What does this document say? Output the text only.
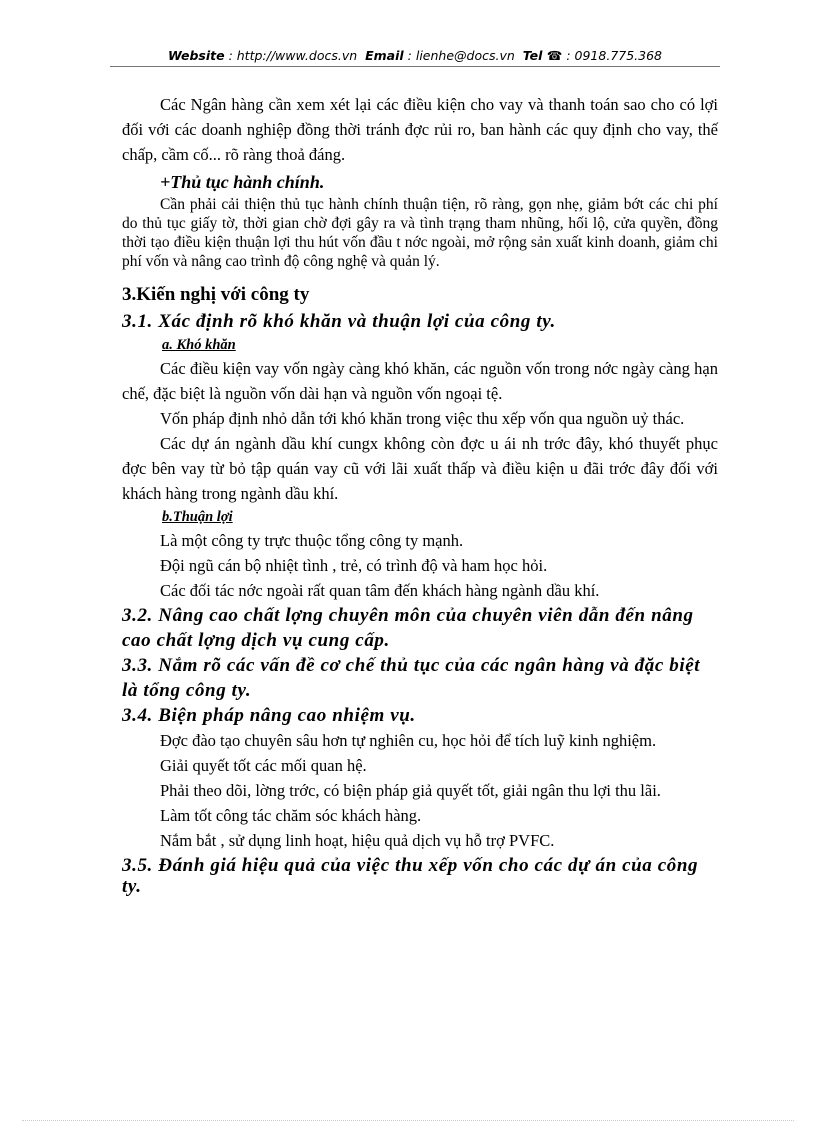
Website : http://www.docs.vn Email : lienhe@docs.vn Tel ☎ : 0918.775.368

Các Ngân hàng cần xem xét lại các điều kiện cho vay và thanh toán sao cho có lợi đối với các doanh nghiệp đồng thời tránh đợc rủi ro, ban hành các quy định cho vay, thế chấp, cầm cố... rõ ràng thoả đáng.

+Thủ tục hành chính.

Cần phải cải thiện thủ tục hành chính thuận tiện, rõ ràng, gọn nhẹ, giảm bớt các chi phí do thủ tục giấy tờ, thời gian chờ đợi gây ra và tình trạng tham nhũng, hối lộ, cửa quyền, đồng thời tạo điều kiện thuận lợi thu hút vốn đầu t nớc ngoài, mở rộng sản xuất kinh doanh, giảm chi phí vốn và nâng cao trình độ công nghệ và quản lý.

3.Kiến nghị với công ty
3.1. Xác định rõ khó khăn và thuận lợi của công ty.
a. Khó khăn

Các điều kiện vay vốn ngày càng khó khăn, các nguồn vốn trong nớc ngày càng hạn chế, đặc biệt là nguồn vốn dài hạn và nguồn vốn ngoại tệ.

Vốn pháp định nhỏ dẫn tới khó khăn trong việc thu xếp vốn qua nguồn uỷ thác.

Các dự án ngành dầu khí cungx không còn đợc u ái nh trớc đây, khó thuyết phục đợc bên vay từ bỏ tập quán vay cũ với lãi xuất thấp và điều kiện u đãi trớc đây đối với khách hàng trong ngành dầu khí.

b.Thuận lợi

Là một công ty trực thuộc tổng công ty mạnh.

Đội ngũ cán bộ nhiệt tình , trẻ, có trình độ và ham học hỏi.

Các đối tác nớc ngoài rất quan tâm đến khách hàng ngành dầu khí.

3.2. Nâng cao chất lợng chuyên môn của chuyên viên dẫn đến nâng cao chất lợng dịch vụ cung cấp.
3.3. Nắm rõ các vấn đề cơ chế thủ tục của các ngân hàng và đặc biệt là tổng công ty.
3.4. Biện pháp nâng cao nhiệm vụ.

Đợc đào tạo chuyên sâu hơn tự nghiên cu, học hỏi để tích luỹ kinh nghiệm.

Giải quyết tốt các mối quan hệ.

Phải theo dõi, lờng trớc, có biện pháp giả quyết tốt, giải ngân thu lợi thu lãi.

Làm tốt công tác chăm sóc khách hàng.

Nắm bắt , sử dụng linh hoạt, hiệu quả dịch vụ hỗ trợ PVFC.

3.5. Đánh giá hiệu quả của việc thu xếp vốn cho các dự án của công ty.
